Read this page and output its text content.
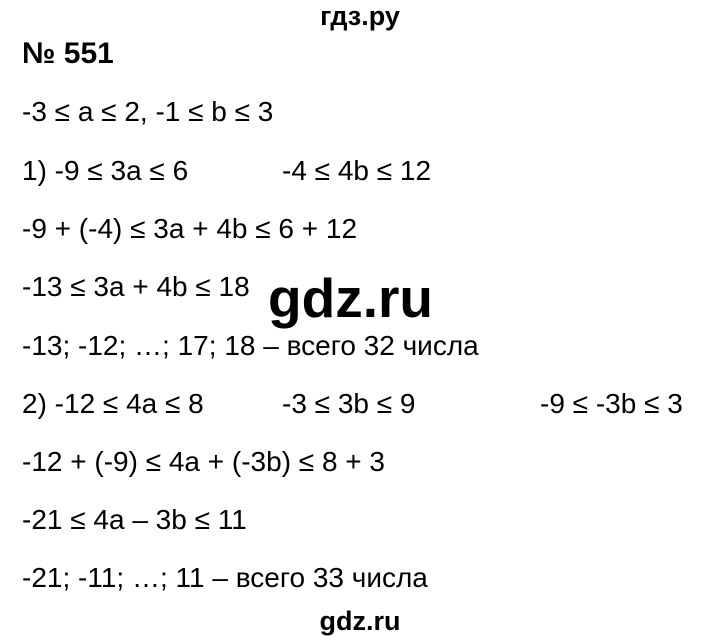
гдз.ру
№ 551
-3 ≤ a ≤ 2, -1 ≤ b ≤ 3
1) -9 ≤ 3a ≤ 6	-4 ≤ 4b ≤ 12
-9 + (-4) ≤ 3a + 4b ≤ 6 + 12
-13 ≤ 3a + 4b ≤ 18 gdz.ru
-13; -12; …; 17; 18 – всего 32 числа
2) -12 ≤ 4a ≤ 8	-3 ≤ 3b ≤ 9	-9 ≤ -3b ≤ 3
-12 + (-9) ≤ 4a + (-3b) ≤ 8 + 3
-21 ≤ 4a – 3b ≤ 11
-21; -11; …; 11 – всего 33 числа
gdz.ru
